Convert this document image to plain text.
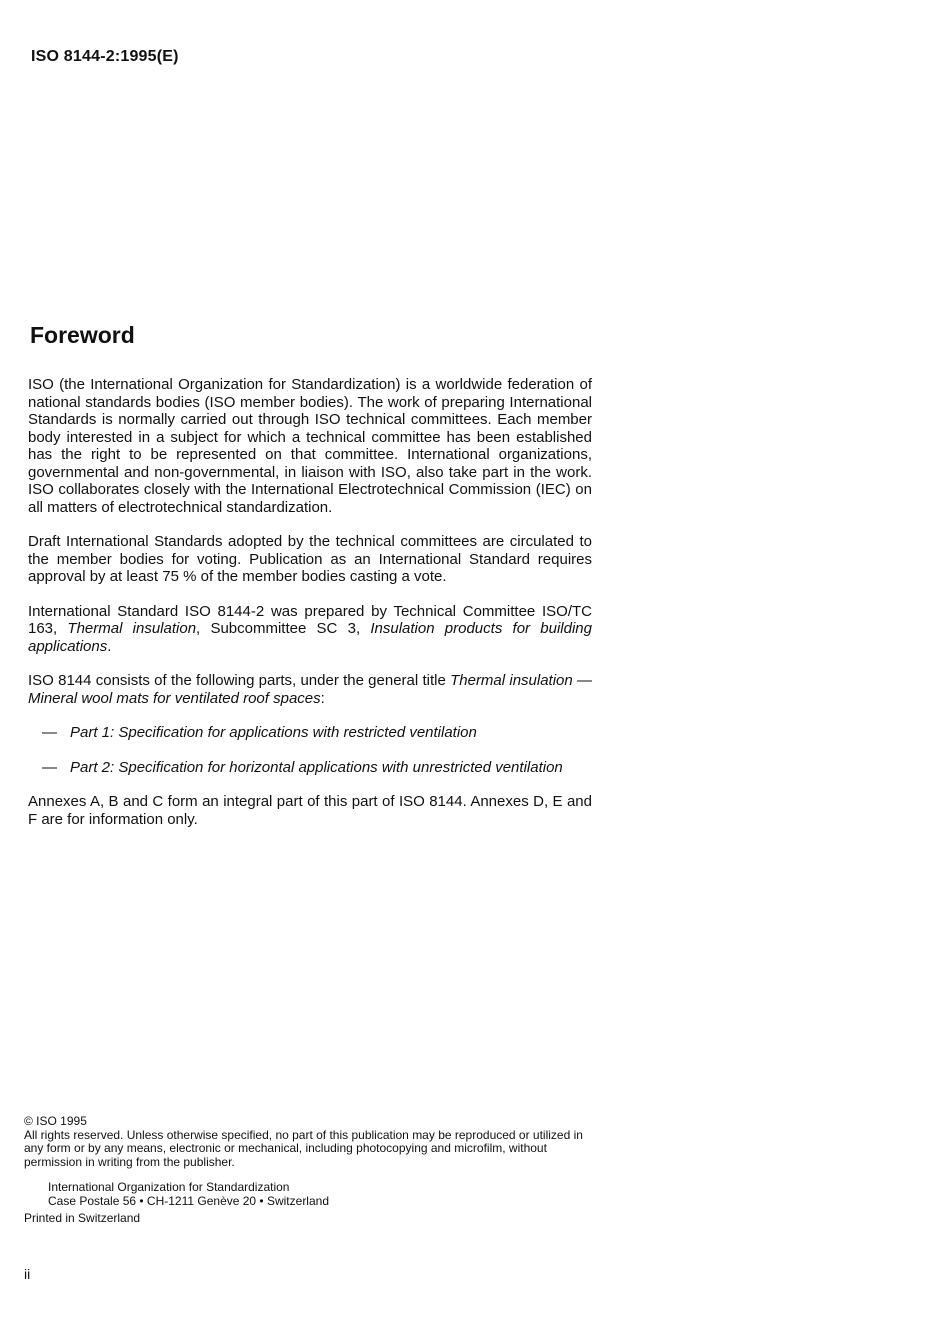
ISO 8144-2:1995(E)
Foreword

ISO (the International Organization for Standardization) is a worldwide federation of national standards bodies (ISO member bodies). The work of preparing International Standards is normally carried out through ISO technical committees. Each member body interested in a subject for which a technical committee has been established has the right to be represented on that committee. International organizations, governmental and non-governmental, in liaison with ISO, also take part in the work. ISO collaborates closely with the International Electrotechnical Commission (IEC) on all matters of electrotechnical standardization.

Draft International Standards adopted by the technical committees are circulated to the member bodies for voting. Publication as an International Standard requires approval by at least 75 % of the member bodies casting a vote.

International Standard ISO 8144-2 was prepared by Technical Committee ISO/TC 163, Thermal insulation, Subcommittee SC 3, Insulation products for building applications.

ISO 8144 consists of the following parts, under the general title Thermal insulation — Mineral wool mats for ventilated roof spaces:

— Part 1: Specification for applications with restricted ventilation
— Part 2: Specification for horizontal applications with unrestricted ventilation

Annexes A, B and C form an integral part of this part of ISO 8144. Annexes D, E and F are for information only.

© ISO 1995
All rights reserved. Unless otherwise specified, no part of this publication may be reproduced or utilized in any form or by any means, electronic or mechanical, including photocopying and microfilm, without permission in writing from the publisher.
International Organization for Standardization
Case Postale 56 • CH-1211 Genève 20 • Switzerland
Printed in Switzerland
ii
